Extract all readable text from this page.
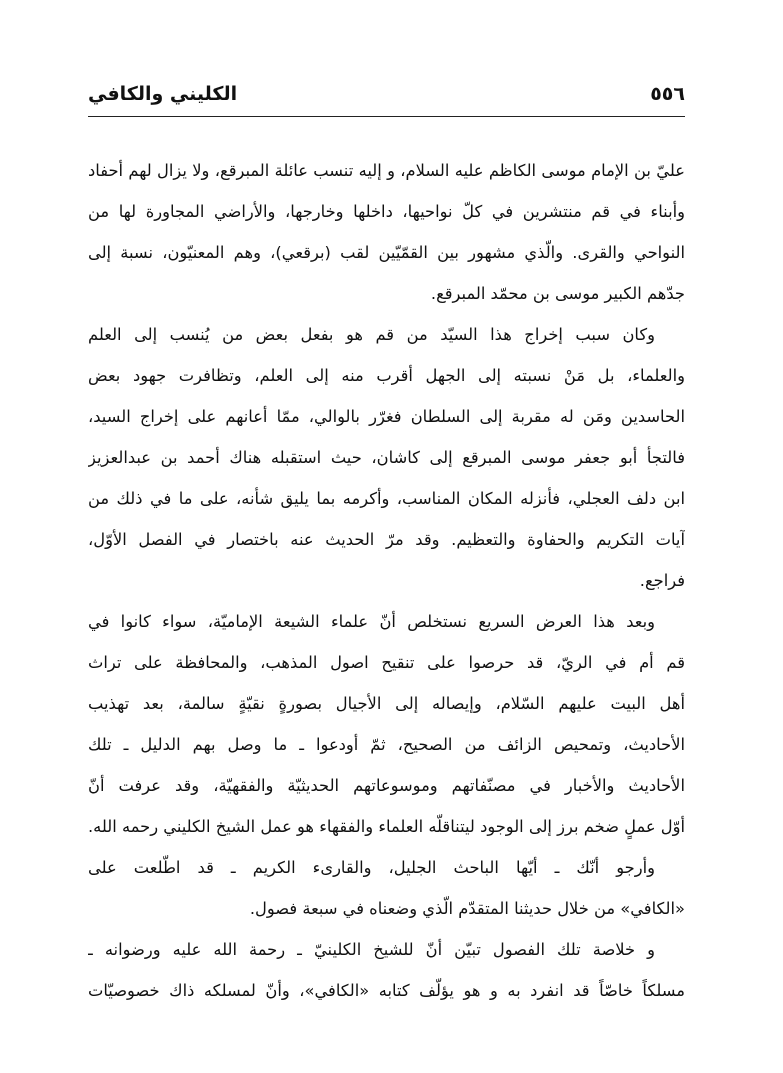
٥٥٦
الكليني والكافي
عليّ بن الإمام موسى الكاظم عليه السلام، و إليه تنسب عائلة المبرقع، ولا يزال لهم أحفاد
وأبناء في قم منتشرين في كلّ نواحيها، داخلها وخارجها، والأراضي المجاورة لها من
النواحي والقرى. والّذي مشهور بين القمّيّين لقب (برقعي)، وهم المعنيّون، نسبة إلى
جدّهم الكبير موسى بن محمّد المبرقع.
وكان سبب إخراج هذا السيّد من قم هو بفعل بعض من يُنسب إلى العلم
والعلماء، بل مَنْ نسبته إلى الجهل أقرب منه إلى العلم، وتظافرت جهود بعض
الحاسدين ومَن له مقربة إلى السلطان فغرّر بالوالي، ممّا أعانهم على إخراج السيد،
فالتجأ أبو جعفر موسى المبرقع إلى كاشان، حيث استقبله هناك أحمد بن عبدالعزيز
ابن دلف العجلي، فأنزله المكان المناسب، وأكرمه بما يليق شأنه، على ما في ذلك من
آيات التكريم والحفاوة والتعظيم. وقد مرّ الحديث عنه باختصار في الفصل الأوّل،
فراجع.
وبعد هذا العرض السريع نستخلص أنّ علماء الشيعة الإماميّة، سواء كانوا في
قم أم في الريّ، قد حرصوا على تنقيح اصول المذهب، والمحافظة على تراث
أهل البيت عليهم السّلام، وإيصاله إلى الأجيال بصورةٍ نقيّةٍ سالمة، بعد تهذيب
الأحاديث، وتمحيص الزائف من الصحيح، ثمّ أودعوا ـ ما وصل بهم الدليل ـ تلك
الأحاديث والأخبار في مصنّفاتهم وموسوعاتهم الحديثيّة والفقهيّة، وقد عرفت أنّ
أوّل عملٍ ضخم برز إلى الوجود ليتناقلّه العلماء والفقهاء هو عمل الشيخ الكليني رحمه الله.
وأرجو أنّك ـ أيّها الباحث الجليل، والقارىء الكريم ـ قد اطّلعت على
«الكافي» من خلال حديثنا المتقدّم الّذي وضعناه في سبعة فصول.
و خلاصة تلك الفصول تبيّن أنّ للشيخ الكلينيّ ـ رحمة الله عليه ورضوانه ـ
مسلكاً خاصّاً قد انفرد به و هو يؤلّف كتابه «الكافي»، وأنّ لمسلكه ذاك خصوصيّات
